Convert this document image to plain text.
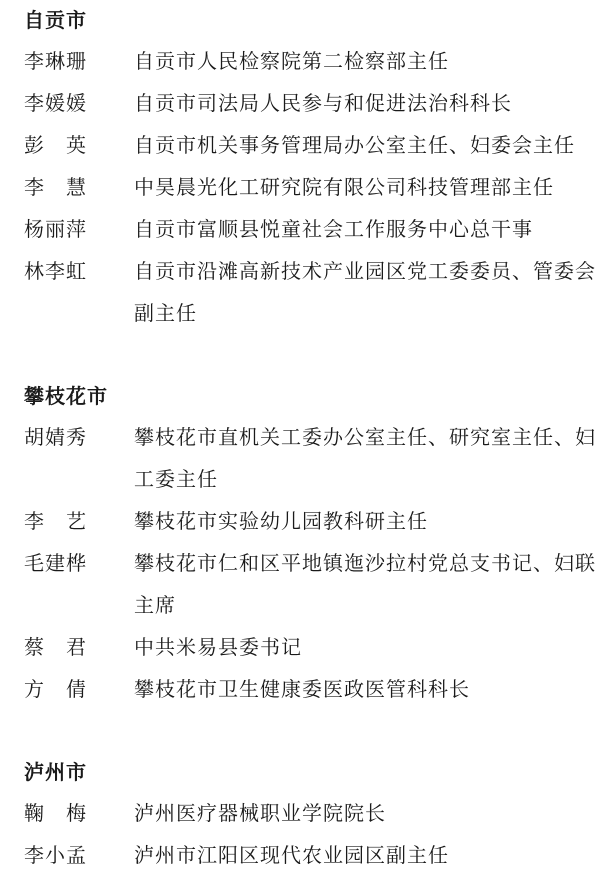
自贡市
李琳珊	自贡市人民检察院第二检察部主任
李媛媛	自贡市司法局人民参与和促进法治科科长
彭　英	自贡市机关事务管理局办公室主任、妇委会主任
李　慧	中昊晨光化工研究院有限公司科技管理部主任
杨丽萍	自贡市富顺县悦童社会工作服务中心总干事
林李虹	自贡市沿滩高新技术产业园区党工委委员、管委会副主任
攀枝花市
胡婧秀	攀枝花市直机关工委办公室主任、研究室主任、妇工委主任
李　艺	攀枝花市实验幼儿园教科研主任
毛建桦	攀枝花市仁和区平地镇迤沙拉村党总支书记、妇联主席
蔡　君	中共米易县委书记
方　倩	攀枝花市卫生健康委医政医管科科长
泸州市
鞠　梅	泸州医疗器械职业学院院长
李小孟	泸州市江阳区现代农业园区副主任
